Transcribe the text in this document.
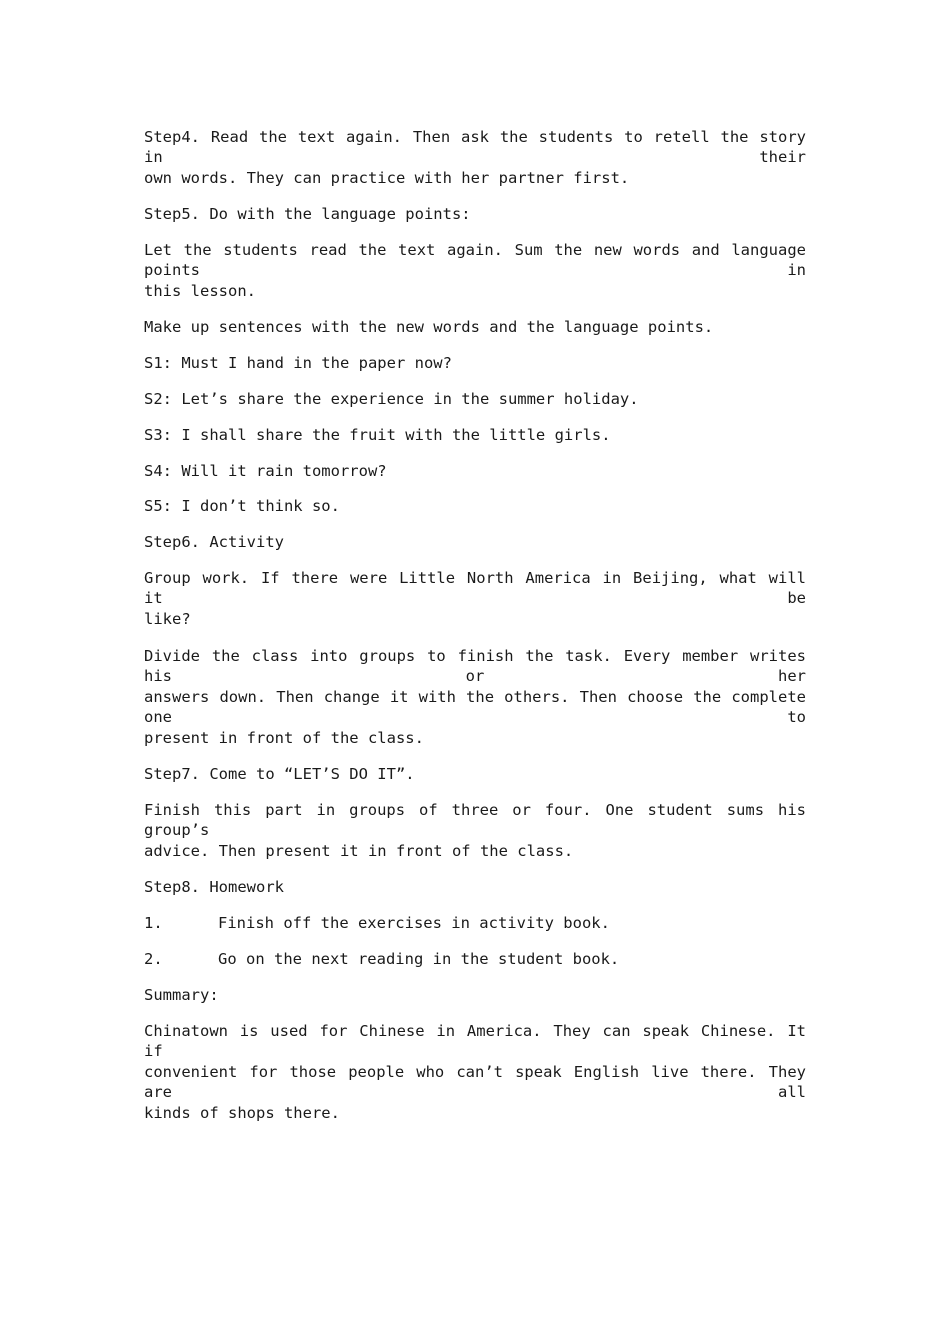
Step4. Read the text again. Then ask the students to retell the story in their
own words. They can practice with her partner first.
Step5. Do with the language points:
Let the students read the text again. Sum the new words and language points in
this lesson.
Make up sentences with the new words and the language points.
S1: Must I hand in the paper now?
S2: Let’s share the experience in the summer holiday.
S3: I shall share the fruit with the little girls.
S4: Will it rain tomorrow?
S5: I don’t think so.
Step6. Activity
Group work. If there were Little North America in Beijing, what will it be
like?
Divide the class into groups to finish the task. Every member writes his or her
answers down. Then change it with the others. Then choose the complete one to
present in front of the class.
Step7. Come to “LET’S DO IT”.
Finish this part in groups of three or four. One student sums his group’s
advice. Then present it in front of the class.
Step8. Homework
1.	Finish off the exercises in activity book.
2.	Go on the next reading in the student book.
Summary:
Chinatown is used for Chinese in America. They can speak Chinese. It if
convenient for those people who can’t speak English live there. They are all
kinds of shops there.
